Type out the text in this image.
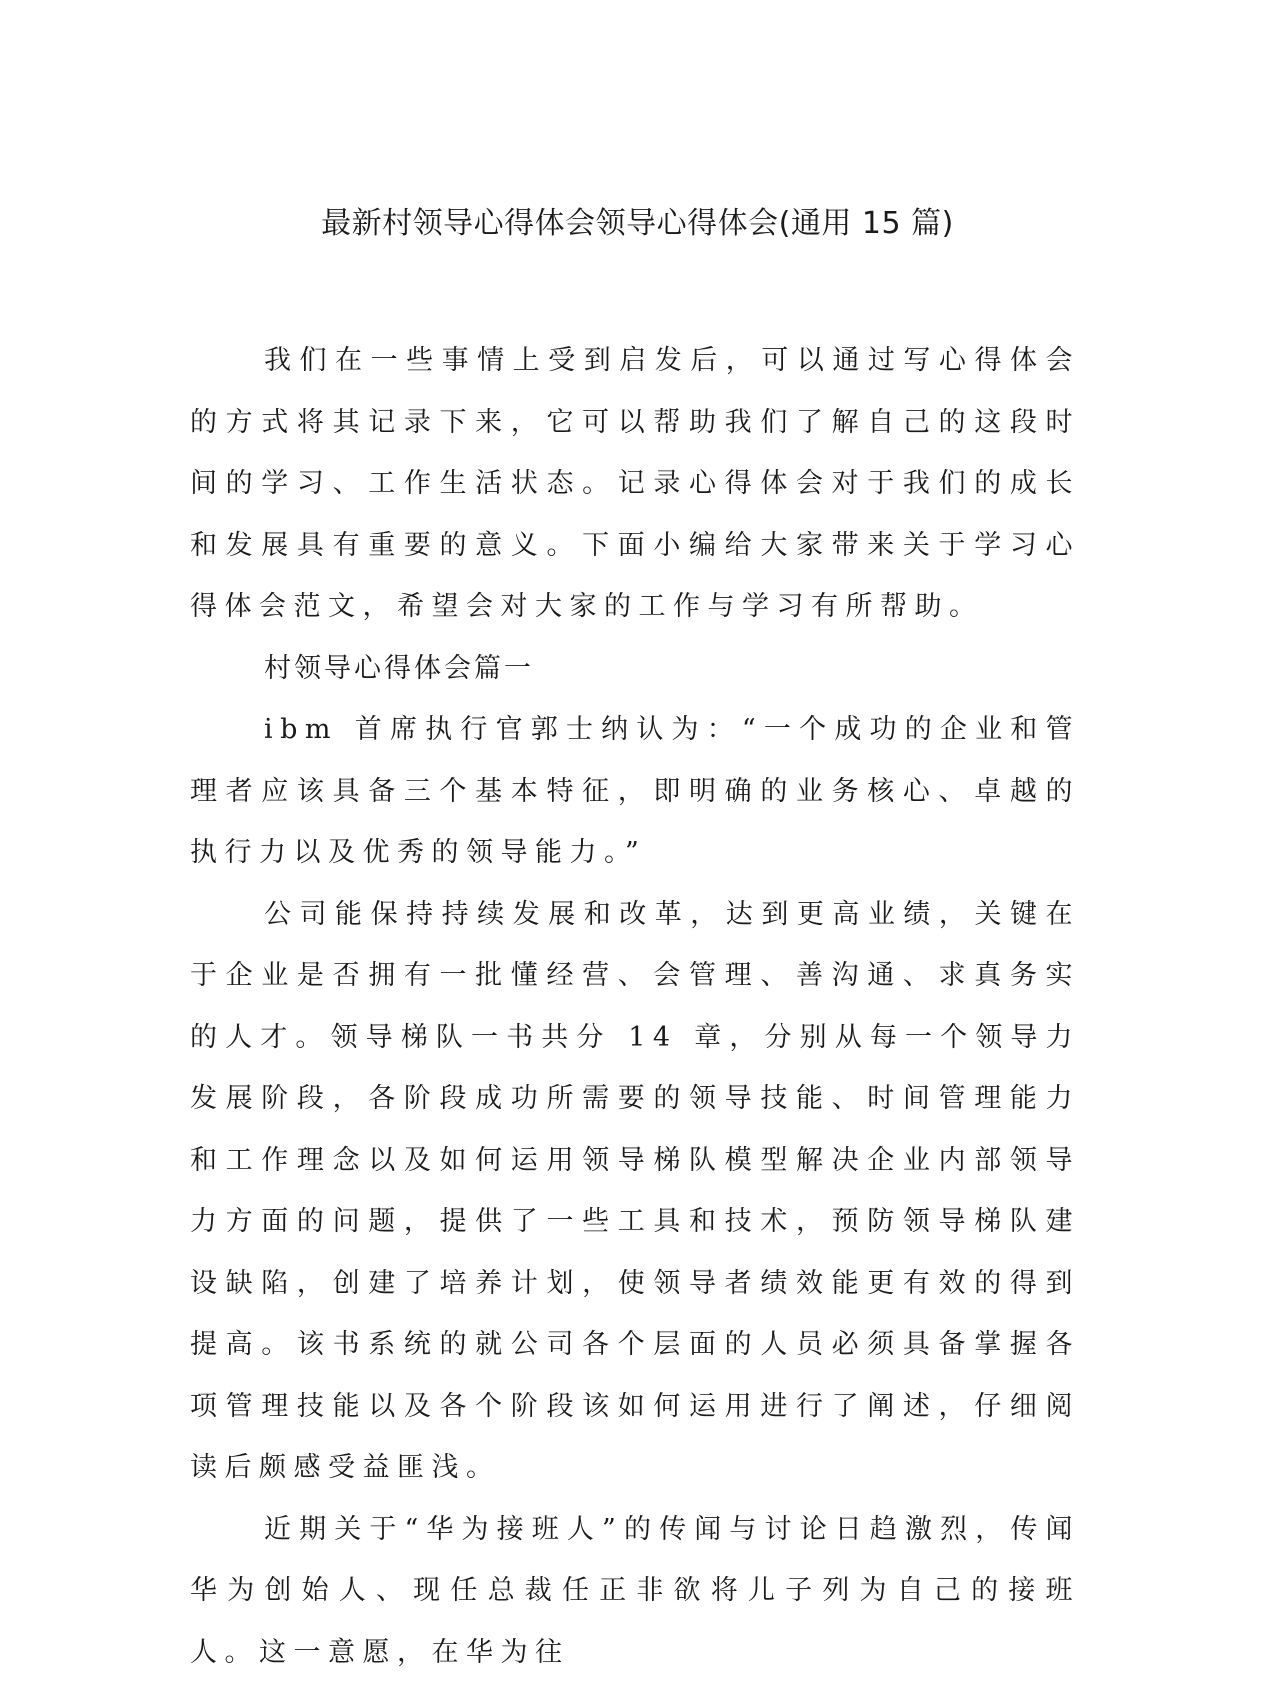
最新村领导心得体会领导心得体会(通用 15 篇)

我们在一些事情上受到启发后，可以通过写心得体会的方式将其记录下来，它可以帮助我们了解自己的这段时间的学习、工作生活状态。记录心得体会对于我们的成长和发展具有重要的意义。下面小编给大家带来关于学习心得体会范文，希望会对大家的工作与学习有所帮助。

村领导心得体会篇一

ibm 首席执行官郭士纳认为：“一个成功的企业和管理者应该具备三个基本特征，即明确的业务核心、卓越的执行力以及优秀的领导能力。”

公司能保持持续发展和改革，达到更高业绩，关键在于企业是否拥有一批懂经营、会管理、善沟通、求真务实的人才。领导梯队一书共分 14 章，分别从每一个领导力发展阶段，各阶段成功所需要的领导技能、时间管理能力和工作理念以及如何运用领导梯队模型解决企业内部领导力方面的问题，提供了一些工具和技术，预防领导梯队建设缺陷，创建了培养计划，使领导者绩效能更有效的得到提高。该书系统的就公司各个层面的人员必须具备掌握各项管理技能以及各个阶段该如何运用进行了阐述，仔细阅读后颇感受益匪浅。

近期关于“华为接班人”的传闻与讨论日趋激烈，传闻华为创始人、现任总裁任正非欲将儿子列为自己的接班人。这一意愿，在华为往
